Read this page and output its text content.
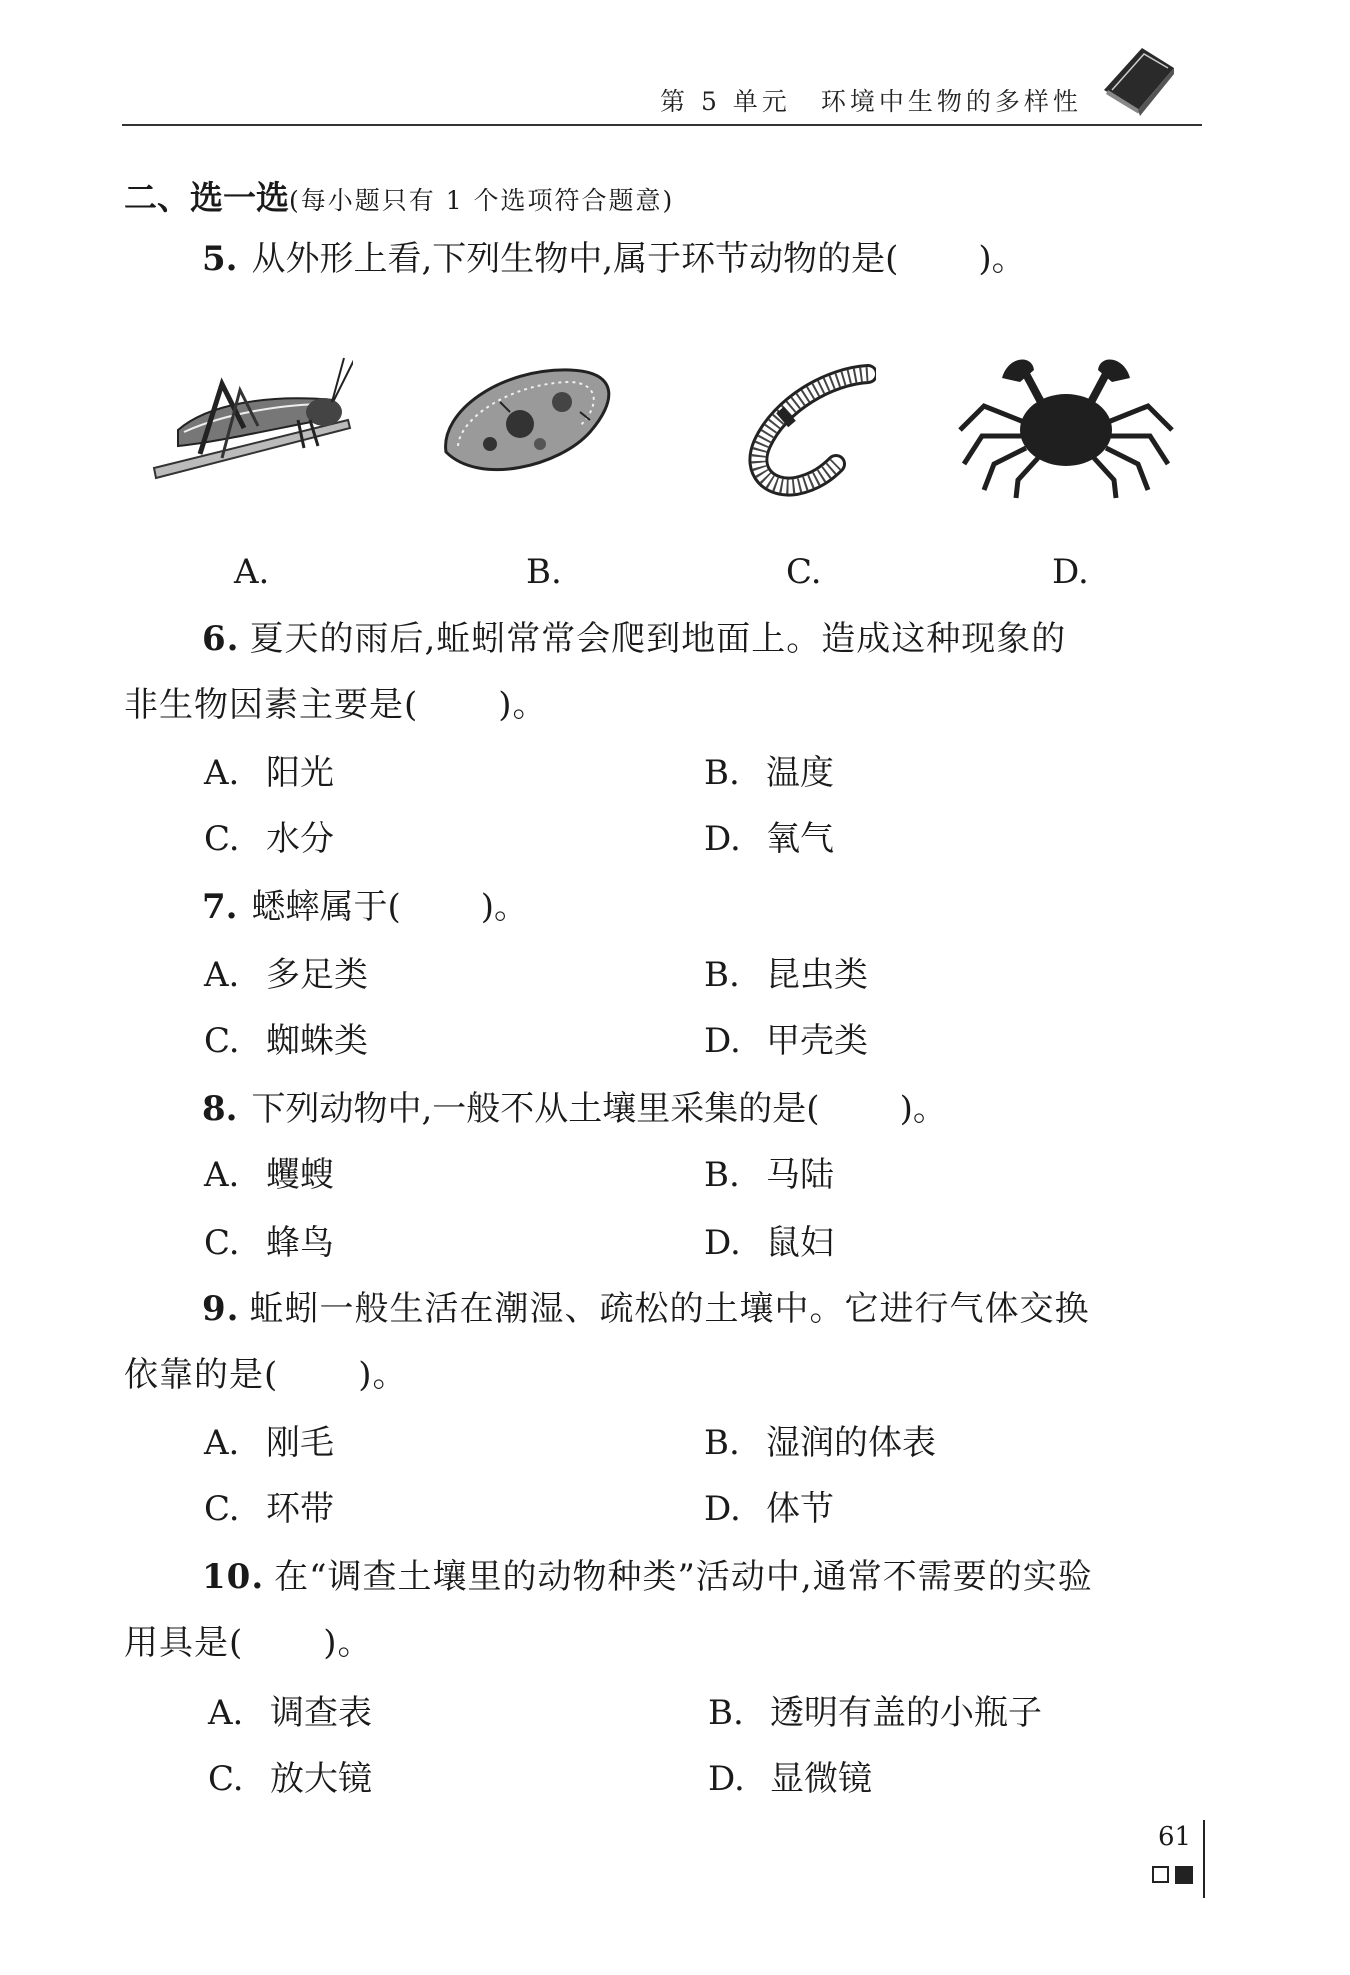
第 5 单元 环境中生物的多样性
二、选一选(每小题只有 1 个选项符合题意)
5. 从外形上看,下列生物中,属于环节动物的是( )。
A.	B.	C.	D.
6. 夏天的雨后,蚯蚓常常会爬到地面上。造成这种现象的
非生物因素主要是( )。
A. 阳光	B. 温度
C. 水分	D. 氧气
7. 蟋蟀属于( )。
A. 多足类	B. 昆虫类
C. 蜘蛛类	D. 甲壳类
8. 下列动物中,一般不从土壤里采集的是( )。
A. 蠼螋	B. 马陆
C. 蜂鸟	D. 鼠妇
9. 蚯蚓一般生活在潮湿、疏松的土壤中。它进行气体交换
依靠的是( )。
A. 刚毛	B. 湿润的体表
C. 环带	D. 体节
10. 在“调查土壤里的动物种类”活动中,通常不需要的实验
用具是( )。
A. 调查表	B. 透明有盖的小瓶子
C. 放大镜	D. 显微镜
61
